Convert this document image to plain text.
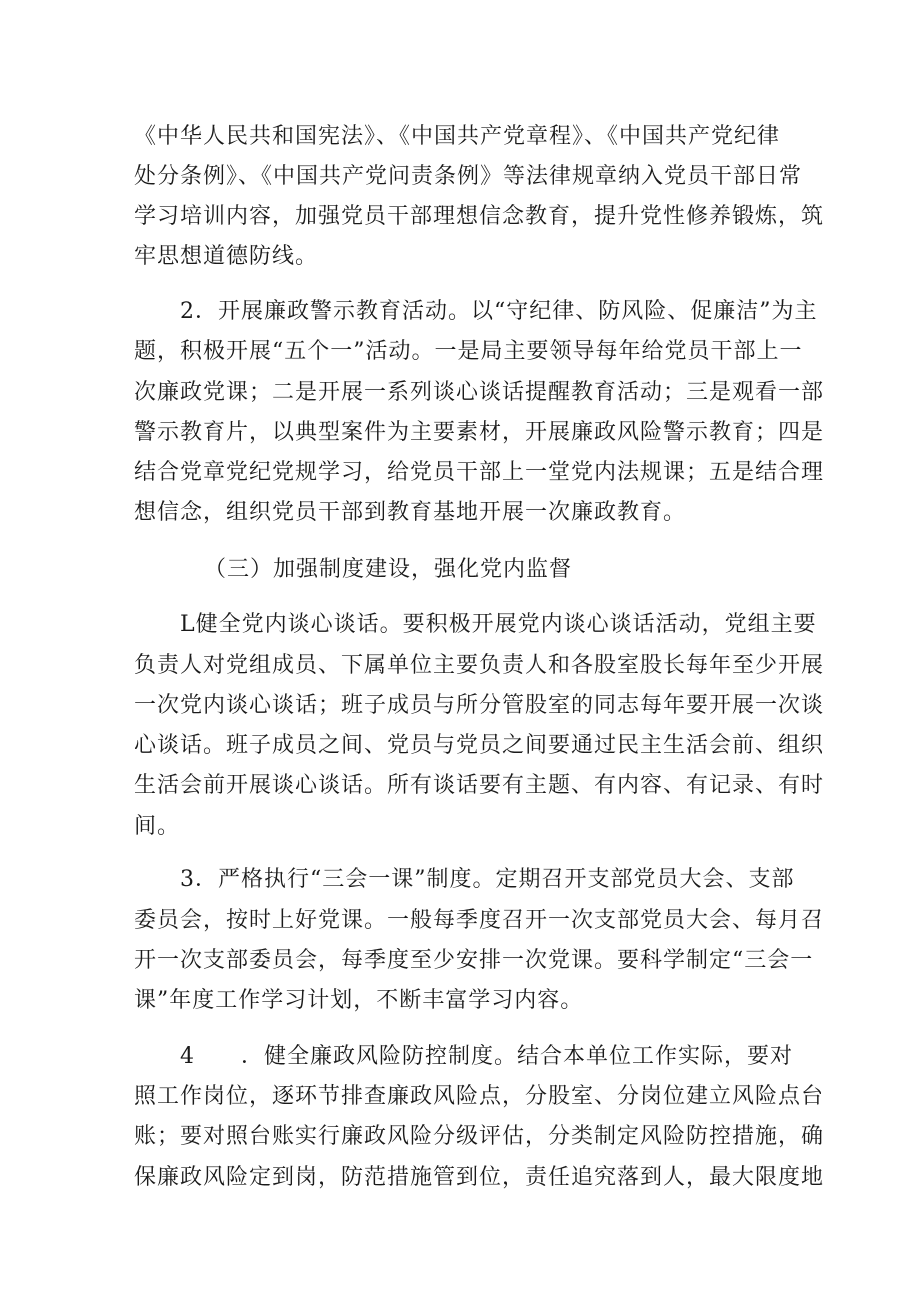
《中华人民共和国宪法》、《中国共产党章程》、《中国共产党纪律
处分条例》、《中国共产党问责条例》等法律规章纳入党员干部日常
学习培训内容，加强党员干部理想信念教育，提升党性修养锻炼，筑
牢思想道德防线。
2．开展廉政警示教育活动。以“守纪律、防风险、促廉洁”为主
题，积极开展“五个一”活动。一是局主要领导每年给党员干部上一
次廉政党课；二是开展一系列谈心谈话提醒教育活动；三是观看一部
警示教育片，以典型案件为主要素材，开展廉政风险警示教育；四是
结合党章党纪党规学习，给党员干部上一堂党内法规课；五是结合理
想信念，组织党员干部到教育基地开展一次廉政教育。
（三）加强制度建设，强化党内监督
L健全党内谈心谈话。要积极开展党内谈心谈话活动，党组主要
负责人对党组成员、下属单位主要负责人和各股室股长每年至少开展
一次党内谈心谈话；班子成员与所分管股室的同志每年要开展一次谈
心谈话。班子成员之间、党员与党员之间要通过民主生活会前、组织
生活会前开展谈心谈话。所有谈话要有主题、有内容、有记录、有时
间。
3．严格执行“三会一课”制度。定期召开支部党员大会、支部
委员会，按时上好党课。一般每季度召开一次支部党员大会、每月召
开一次支部委员会，每季度至少安排一次党课。要科学制定“三会一
课”年度工作学习计划，不断丰富学习内容。
4　　．健全廉政风险防控制度。结合本单位工作实际，要对
照工作岗位，逐环节排查廉政风险点，分股室、分岗位建立风险点台
账；要对照台账实行廉政风险分级评估，分类制定风险防控措施，确
保廉政风险定到岗，防范措施管到位，责任追究落到人，最大限度地
